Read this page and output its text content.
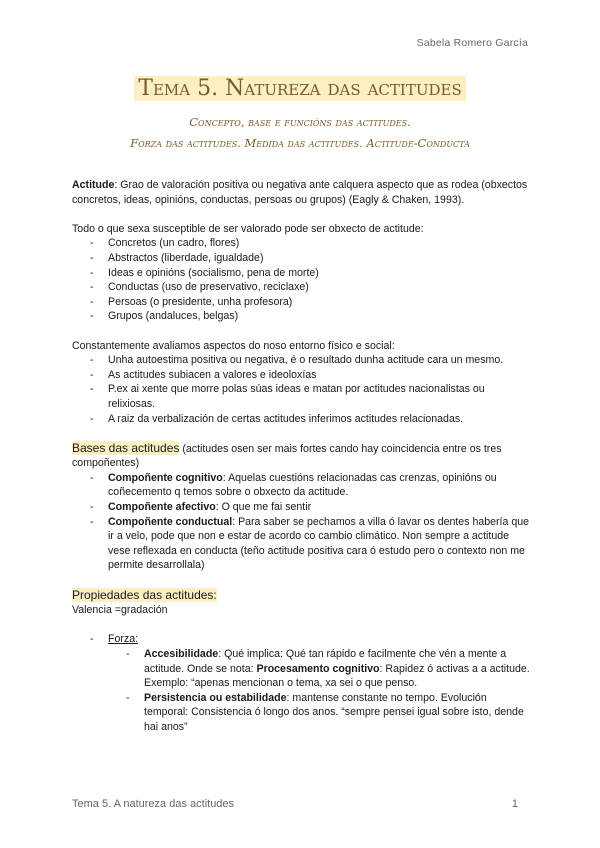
Sabela Romero García
Tema 5. Natureza das actitudes
Concepto, base e funcións das actitudes.
Forza das actitudes. Medida das actitudes. Actitude-Conducta

Actitude: Grao de valoración positiva ou negativa ante calquera aspecto que as rodea (obxectos concretos, ideas, opinións, conductas, persoas ou grupos) (Eagly & Chaken, 1993).

Todo o que sexa susceptible de ser valorado pode ser obxecto de actitude:

- Concretos (un cadro, flores)
- Abstractos (liberdade, igualdade)
- Ideas e opinións (socialismo, pena de morte)
- Conductas (uso de preservativo, reciclaxe)
- Persoas (o presidente, unha profesora)
- Grupos (andaluces, belgas)

Constantemente avaliamos aspectos do noso entorno físico e social:

- Unha autoestima positiva ou negativa, é o resultado dunha actitude cara un mesmo.
- As actitudes subiacen a valores e ideoloxías
- P.ex ai xente que morre polas súas ideas e matan por actitudes nacionalistas ou relixiosas.
- A raiz da verbalización de certas actitudes inferimos actitudes relacionadas.

Bases das actitudes (actitudes osen ser mais fortes cando hay coincidencia entre os tres compoñentes)

- Compoñente cognitivo: Aquelas cuestións relacionadas cas crenzas, opinións ou coñecemento q temos sobre o obxecto da actitude.
- Compoñente afectivo: O que me fai sentir
- Compoñente conductual: Para saber se pechamos a villa ó lavar os dentes habería que ir a velo, pode que non e estar de acordo co cambio climático. Non sempre a actitude vese reflexada en conducta (teño actitude positiva cara ó estudo pero o contexto non me permite desarrollala)

Propiedades das actitudes:

Valencia =gradación

- Forza:

- Accesibilidade: Qué implica: Qué tan rápido e facilmente che vén a mente a actitude. Onde se nota: Procesamento cognitivo: Rapidez ó activas a a actitude. Exemplo: “apenas mencionan o tema, xa sei o que penso.
- Persistencia ou estabilidade: mantense constante no tempo. Evolución temporal: Consistencia ó longo dos anos. “sempre pensei igual sobre isto, dende hai anos”
Tema 5. A natureza das actitudes	1
